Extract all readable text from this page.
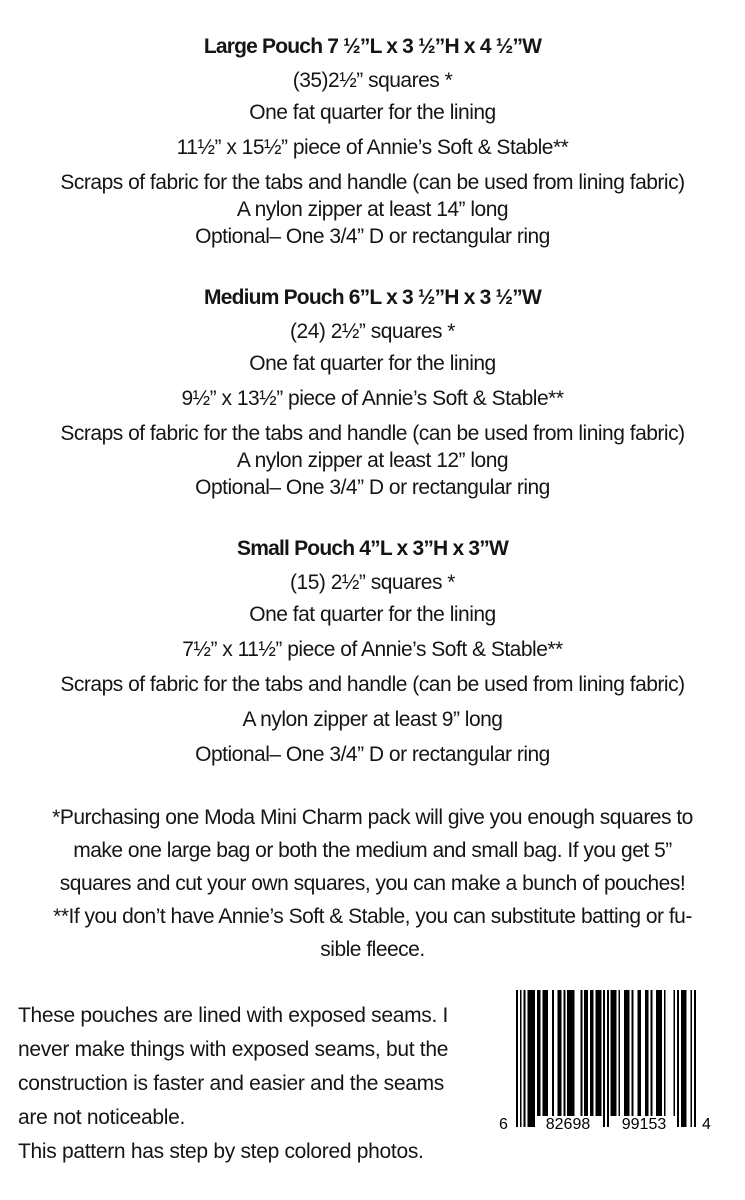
Large Pouch 7 ½”L x 3 ½”H x 4 ½”W
(35)2½” squares *
One fat quarter for the lining
11½” x 15½” piece of Annie’s Soft & Stable**
Scraps of fabric for the tabs and handle (can be used from lining fabric)
A nylon zipper at least 14” long
Optional– One 3/4” D or rectangular ring
Medium Pouch 6”L x 3 ½”H x 3 ½”W
(24) 2½” squares *
One fat quarter for the lining
9½” x 13½” piece of Annie’s Soft & Stable**
Scraps of fabric for the tabs and handle (can be used from lining fabric)
A nylon zipper at least 12” long
Optional– One 3/4” D or rectangular ring
Small Pouch 4”L x 3”H x 3”W
(15) 2½” squares *
One fat quarter for the lining
7½” x 11½” piece of Annie’s Soft & Stable**
Scraps of fabric for the tabs and handle (can be used from lining fabric)
A nylon zipper at least 9” long
Optional– One 3/4” D or rectangular ring
*Purchasing one Moda Mini Charm pack will give you enough squares to
make one large bag or both the medium and small bag. If you get 5”
squares and cut your own squares, you can make a bunch of pouches!
**If you don’t have Annie’s Soft & Stable, you can substitute batting or fu-
sible fleece.
These pouches are lined with exposed seams. I
never make things with exposed seams, but the
construction is faster and easier and the seams
are not noticeable.
This pattern has step by step colored photos.
6	82698	99153	4
